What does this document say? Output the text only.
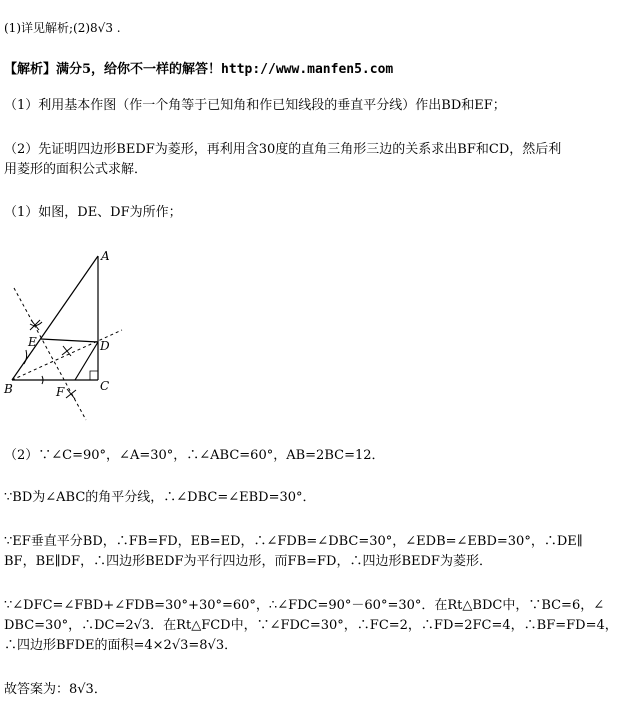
(1)详见解析;(2)8√3 .
【解析】满分5，给你不一样的解答！http://www.manfen5.com
（1）利用基本作图（作一个角等于已知角和作已知线段的垂直平分线）作出BD和EF；
（2）先证明四边形BEDF为菱形，再利用含30度的直角三角形三边的关系求出BF和CD，然后利
用菱形的面积公式求解．
（1）如图，DE、DF为所作；
A
B	C
D
E
F
（2）∵∠C=90°，∠A=30°，∴∠ABC=60°，AB=2BC=12．
∵BD为∠ABC的角平分线，∴∠DBC=∠EBD=30°．
∵EF垂直平分BD，∴FB=FD，EB=ED，∴∠FDB=∠DBC=30°，∠EDB=∠EBD=30°，∴DE∥
BF，BE∥DF，∴四边形BEDF为平行四边形，而FB=FD，∴四边形BEDF为菱形．
∵∠DFC=∠FBD+∠FDB=30°+30°=60°，∴∠FDC=90°－60°=30°．在Rt△BDC中，∵BC=6，∠
DBC=30°，∴DC=2√3．在Rt△FCD中，∵∠FDC=30°，∴FC=2，∴FD=2FC=4，∴BF=FD=4，
∴四边形BFDE的面积=4×2√3=8√3．
故答案为：8√3．
